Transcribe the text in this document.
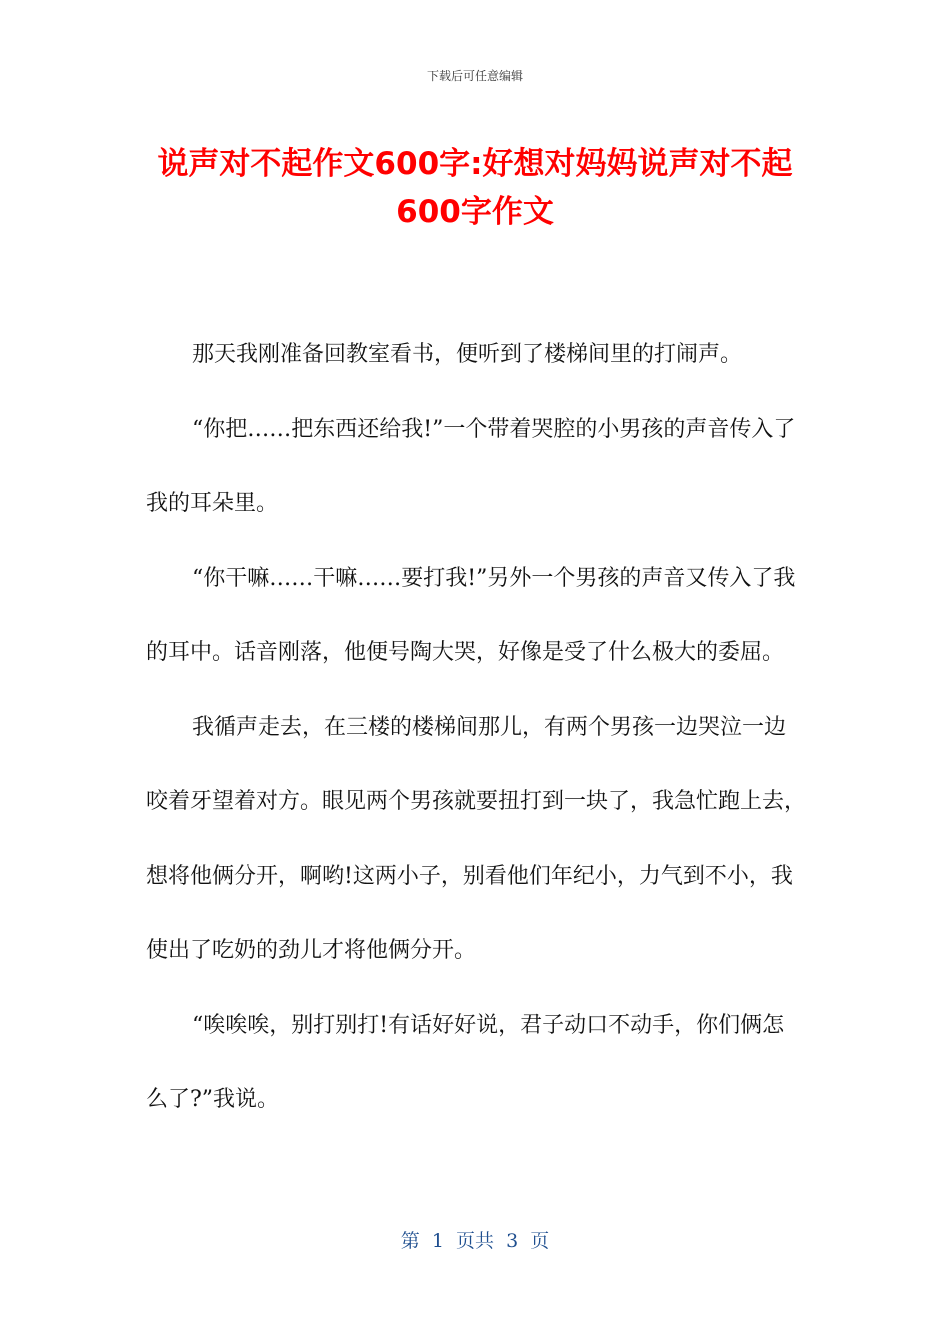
下载后可任意编辑
说声对不起作文600字:好想对妈妈说声对不起600字作文

那天我刚准备回教室看书，便听到了楼梯间里的打闹声。

“你把……把东西还给我!”一个带着哭腔的小男孩的声音传入了我的耳朵里。

“你干嘛……干嘛……要打我!”另外一个男孩的声音又传入了我的耳中。话音刚落，他便号陶大哭，好像是受了什么极大的委屈。

我循声走去，在三楼的楼梯间那儿，有两个男孩一边哭泣一边咬着牙望着对方。眼见两个男孩就要扭打到一块了，我急忙跑上去，想将他俩分开，啊哟!这两小子，别看他们年纪小，力气到不小，我使出了吃奶的劲儿才将他俩分开。

“唉唉唉，别打别打!有话好好说，君子动口不动手，你们俩怎么了?”我说。

第  1  页共  3  页
